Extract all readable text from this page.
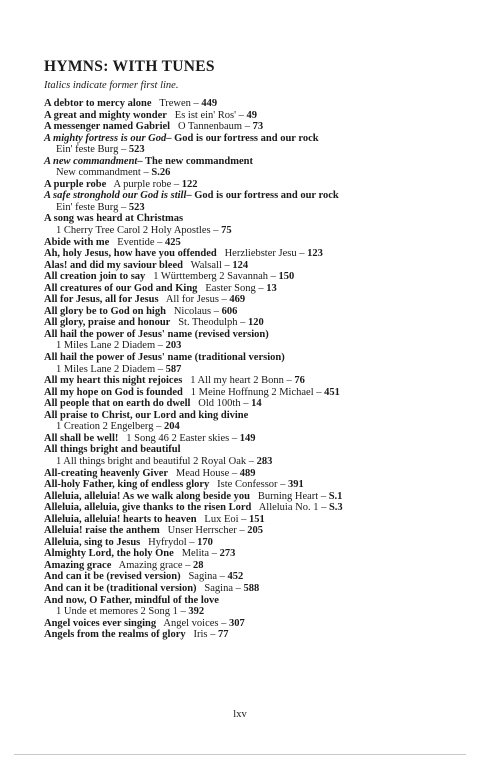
HYMNS: WITH TUNES
Italics indicate former first line.
A debtor to mercy alone  Trewen – 449
A great and mighty wonder  Es ist ein' Ros' – 49
A messenger named Gabriel  O Tannenbaum – 73
A mighty fortress is our God– God is our fortress and our rock
Ein' feste Burg – 523
A new commandment– The new commandment
New commandment – S.26
A purple robe  A purple robe – 122
A safe stronghold our God is still– God is our fortress and our rock
Ein' feste Burg – 523
A song was heard at Christmas
1 Cherry Tree Carol 2 Holy Apostles – 75
Abide with me  Eventide – 425
Ah, holy Jesus, how have you offended  Herzliebster Jesu – 123
Alas! and did my saviour bleed  Walsall – 124
All creation join to say  1 Württemberg 2 Savannah – 150
All creatures of our God and King  Easter Song – 13
All for Jesus, all for Jesus  All for Jesus – 469
All glory be to God on high  Nicolaus – 606
All glory, praise and honour  St. Theodulph – 120
All hail the power of Jesus' name (revised version)
1 Miles Lane 2 Diadem – 203
All hail the power of Jesus' name (traditional version)
1 Miles Lane 2 Diadem – 587
All my heart this night rejoices  1 All my heart 2 Bonn – 76
All my hope on God is founded  1 Meine Hoffnung 2 Michael – 451
All people that on earth do dwell  Old 100th – 14
All praise to Christ, our Lord and king divine
1 Creation 2 Engelberg – 204
All shall be well!  1 Song 46 2 Easter skies – 149
All things bright and beautiful
1 All things bright and beautiful 2 Royal Oak – 283
All-creating heavenly Giver  Mead House – 489
All-holy Father, king of endless glory  Iste Confessor – 391
Alleluia, alleluia! As we walk along beside you  Burning Heart – S.1
Alleluia, alleluia, give thanks to the risen Lord  Alleluia No. 1 – S.3
Alleluia, alleluia! hearts to heaven  Lux Eoi – 151
Alleluia! raise the anthem  Unser Herrscher – 205
Alleluia, sing to Jesus  Hyfrydol – 170
Almighty Lord, the holy One  Melita – 273
Amazing grace  Amazing grace – 28
And can it be (revised version)  Sagina – 452
And can it be (traditional version)  Sagina – 588
And now, O Father, mindful of the love
1 Unde et memores 2 Song 1 – 392
Angel voices ever singing  Angel voices – 307
Angels from the realms of glory  Iris – 77
lxv
